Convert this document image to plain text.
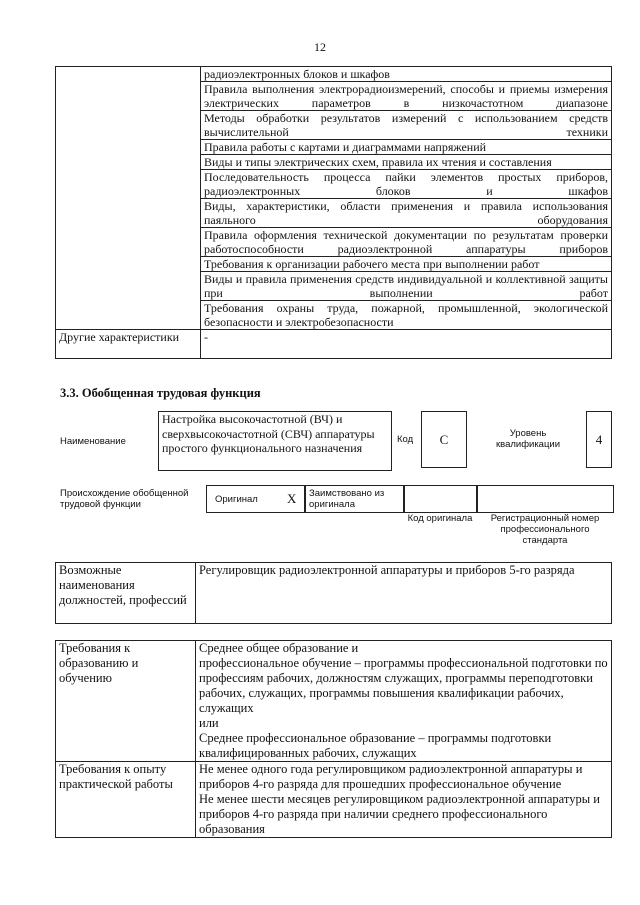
12
	радиоэлектронных блоков и шкафов
	Правила выполнения электрорадиоизмерений, способы и приемы измерения электрических параметров в низкочастотном диапазоне
	Методы обработки результатов измерений с использованием средств вычислительной техники
	Правила работы с картами и диаграммами напряжений
	Виды и типы электрических схем, правила их чтения и составления
	Последовательность процесса пайки элементов простых приборов, радиоэлектронных блоков и шкафов
	Виды, характеристики, области применения и правила использования паяльного оборудования
	Правила оформления технической документации по результатам проверки работоспособности радиоэлектронной аппаратуры приборов
	Требования к организации рабочего места при выполнении работ
	Виды и правила применения средств индивидуальной и коллективной защиты при выполнении работ
	Требования охраны труда, пожарной, промышленной, экологической безопасности и электробезопасности
Другие характеристики	-
3.3. Обобщенная трудовая функция
Наименование
Настройка высокочастотной (ВЧ) и сверхвысокочастотной (СВЧ) аппаратуры простого функционального назначения
Код	C	Уровень квалификации	4
Происхождение обобщенной трудовой функции	Оригинал X Заимствовано из оригинала
Код оригинала	Регистрационный номер профессионального стандарта
Возможные наименования должностей, профессий	Регулировщик радиоэлектронной аппаратуры и приборов 5-го разряда
Требования к образованию и обучению	Среднее общее образование и
профессиональное обучение – программы профессиональной подготовки по профессиям рабочих, должностям служащих, программы переподготовки рабочих, служащих, программы повышения квалификации рабочих, служащих
или
Среднее профессиональное образование – программы подготовки квалифицированных рабочих, служащих

Требования к опыту практической работы	Не менее одного года регулировщиком радиоэлектронной аппаратуры и приборов 4-го разряда для прошедших профессиональное обучение
Не менее шести месяцев регулировщиком радиоэлектронной аппаратуры и приборов 4-го разряда при наличии среднего профессионального образования
